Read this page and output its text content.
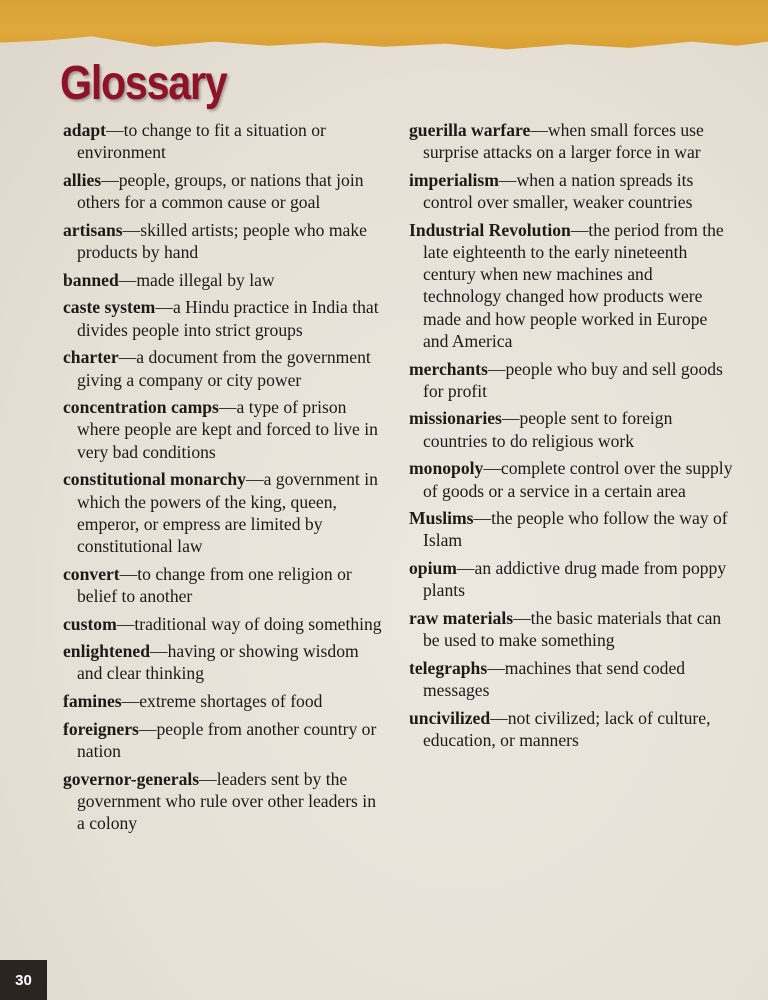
Glossary
adapt—to change to fit a situation or environment
allies—people, groups, or nations that join others for a common cause or goal
artisans—skilled artists; people who make products by hand
banned—made illegal by law
caste system—a Hindu practice in India that divides people into strict groups
charter—a document from the government giving a company or city power
concentration camps—a type of prison where people are kept and forced to live in very bad conditions
constitutional monarchy—a government in which the powers of the king, queen, emperor, or empress are limited by constitutional law
convert—to change from one religion or belief to another
custom—traditional way of doing something
enlightened—having or showing wisdom and clear thinking
famines—extreme shortages of food
foreigners—people from another country or nation
governor-generals—leaders sent by the government who rule over other leaders in a colony
guerilla warfare—when small forces use surprise attacks on a larger force in war
imperialism—when a nation spreads its control over smaller, weaker countries
Industrial Revolution—the period from the late eighteenth to the early nineteenth century when new machines and technology changed how products were made and how people worked in Europe and America
merchants—people who buy and sell goods for profit
missionaries—people sent to foreign countries to do religious work
monopoly—complete control over the supply of goods or a service in a certain area
Muslims—the people who follow the way of Islam
opium—an addictive drug made from poppy plants
raw materials—the basic materials that can be used to make something
telegraphs—machines that send coded messages
uncivilized—not civilized; lack of culture, education, or manners
30
